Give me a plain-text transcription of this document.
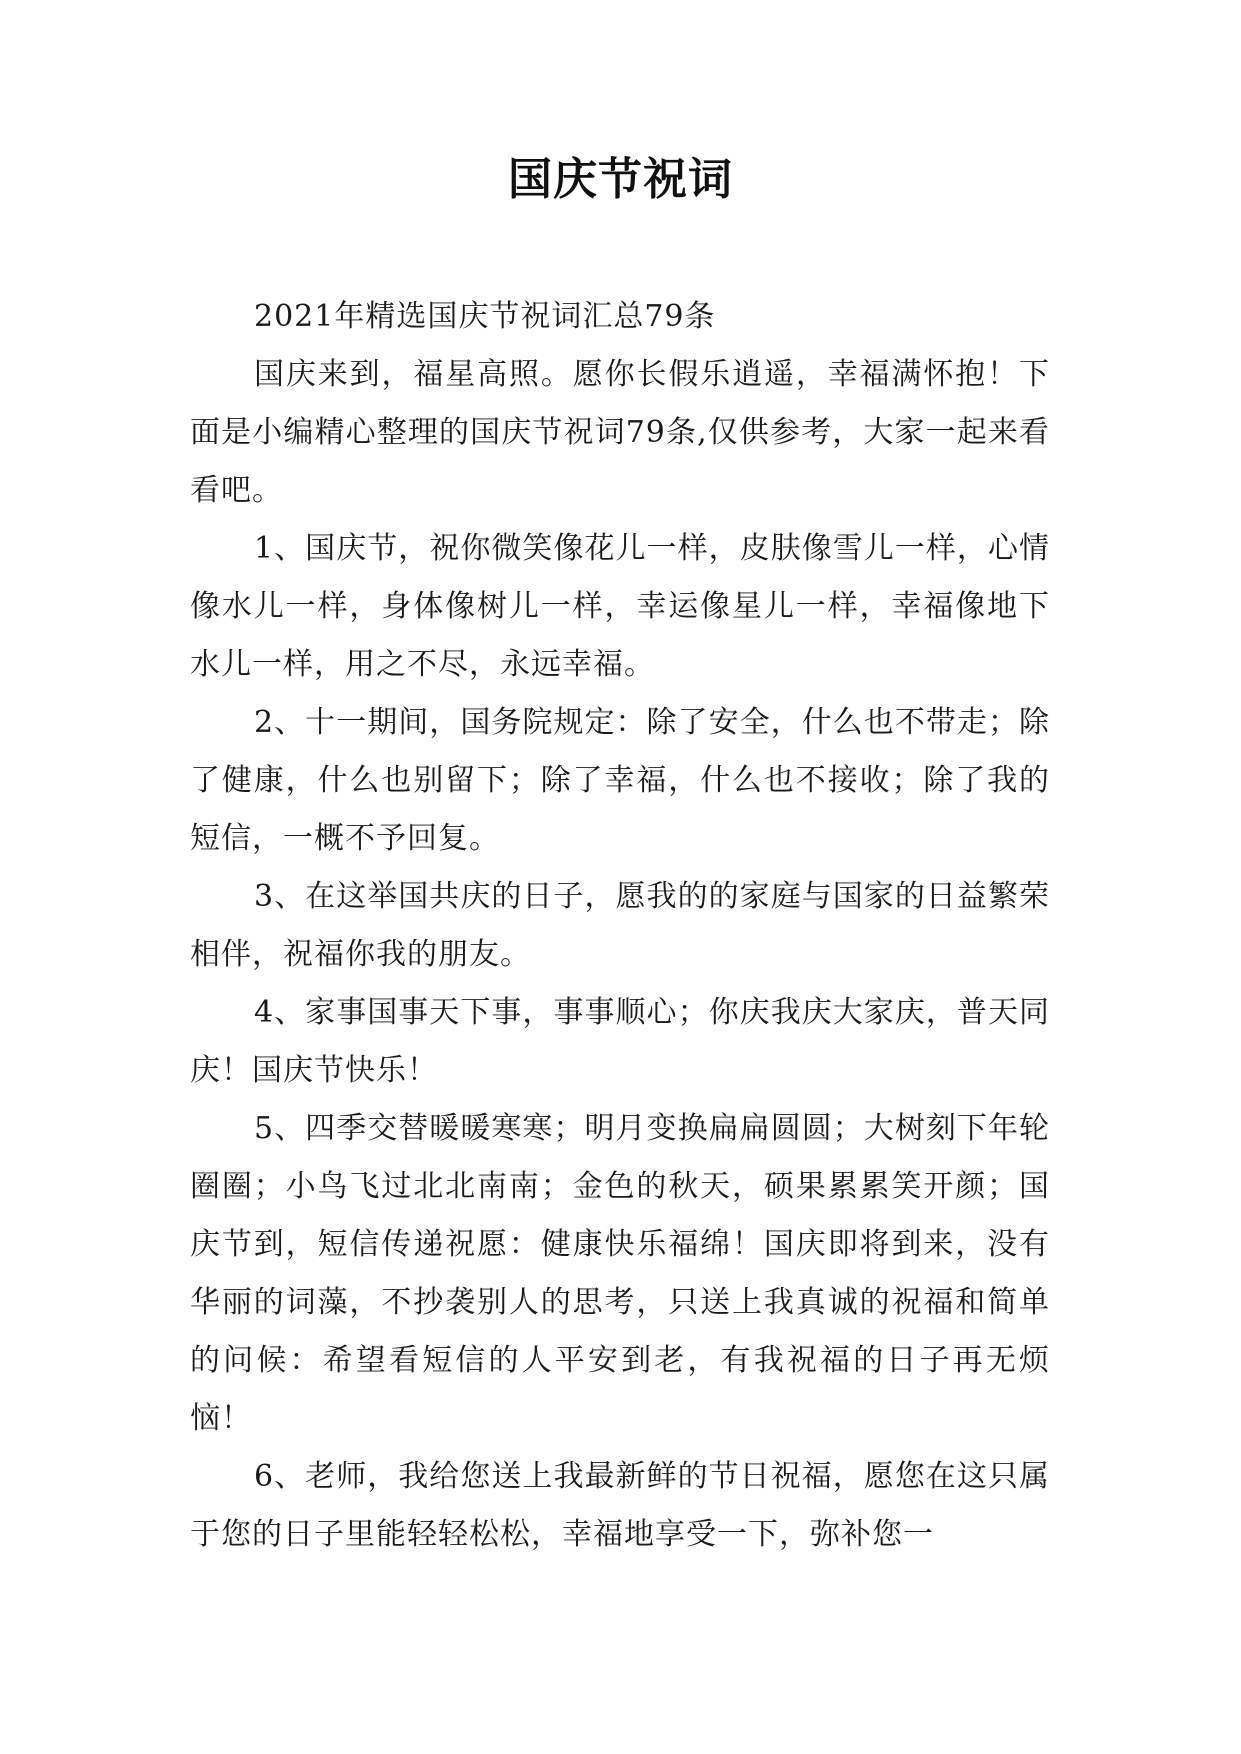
国庆节祝词

2021年精选国庆节祝词汇总79条

国庆来到，福星高照。愿你长假乐逍遥，幸福满怀抱！下面是小编精心整理的国庆节祝词79条,仅供参考，大家一起来看看吧。

1、国庆节，祝你微笑像花儿一样，皮肤像雪儿一样，心情像水儿一样，身体像树儿一样，幸运像星儿一样，幸福像地下水儿一样，用之不尽，永远幸福。

2、十一期间，国务院规定：除了安全，什么也不带走；除了健康，什么也别留下；除了幸福，什么也不接收；除了我的短信，一概不予回复。

3、在这举国共庆的日子，愿我的的家庭与国家的日益繁荣相伴，祝福你我的朋友。

4、家事国事天下事，事事顺心；你庆我庆大家庆，普天同庆！国庆节快乐！

5、四季交替暖暖寒寒；明月变换扁扁圆圆；大树刻下年轮圈圈；小鸟飞过北北南南；金色的秋天，硕果累累笑开颜；国庆节到，短信传递祝愿：健康快乐福绵！国庆即将到来，没有华丽的词藻，不抄袭别人的思考，只送上我真诚的祝福和简单的问候：希望看短信的人平安到老，有我祝福的日子再无烦恼！

6、老师，我给您送上我最新鲜的节日祝福，愿您在这只属于您的日子里能轻轻松松，幸福地享受一下，弥补您一
